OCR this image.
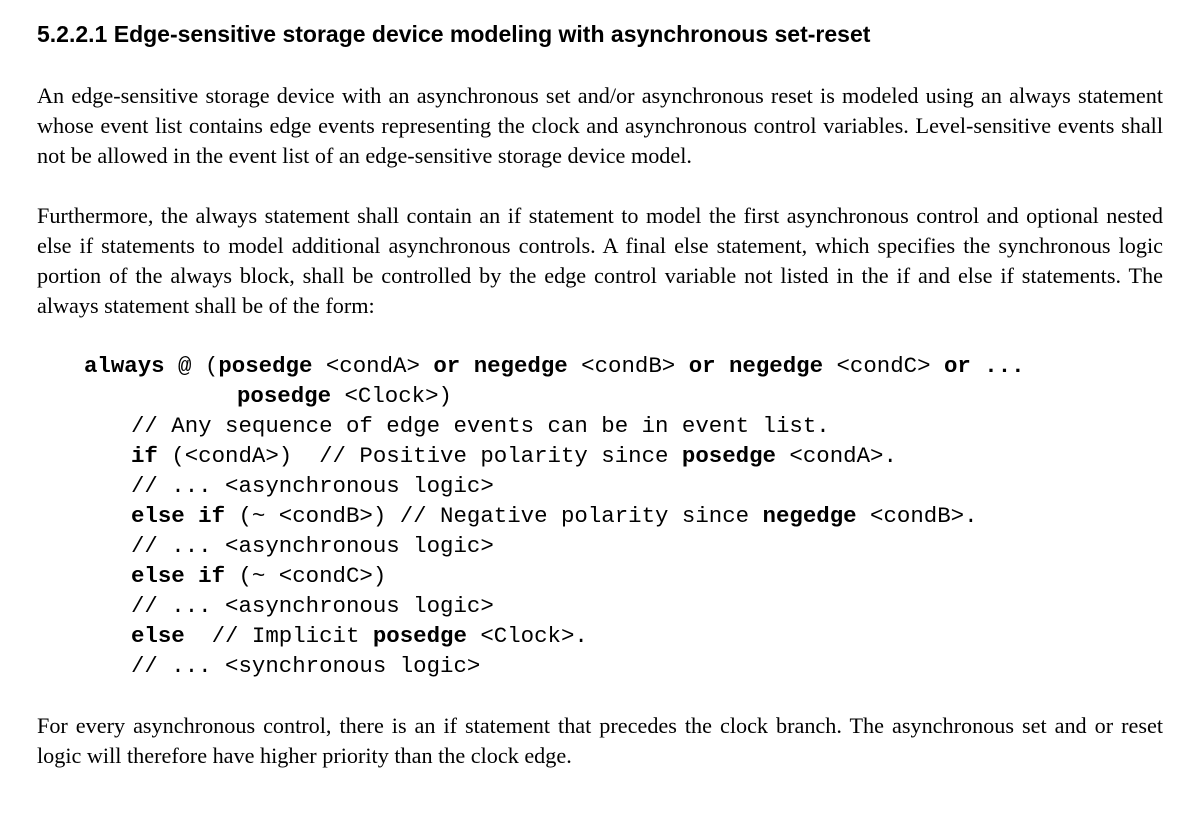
5.2.2.1 Edge-sensitive storage device modeling with asynchronous set-reset

An edge-sensitive storage device with an asynchronous set and/or asynchronous reset is modeled using an always statement whose event list contains edge events representing the clock and asynchronous control variables. Level-sensitive events shall not be allowed in the event list of an edge-sensitive storage device model.

Furthermore, the always statement shall contain an if statement to model the first asynchronous control and optional nested else if statements to model additional asynchronous controls. A final else statement, which specifies the synchronous logic portion of the always block, shall be controlled by the edge control variable not listed in the if and else if statements. The always statement shall be of the form:

always @ (posedge <condA> or negedge <condB> or negedge <condC> or ...
posedge <Clock>)
// Any sequence of edge events can be in event list.
if (<condA>)  // Positive polarity since posedge <condA>.
// ... <asynchronous logic>
else if (~ <condB>) // Negative polarity since negedge <condB>.
// ... <asynchronous logic>
else if (~ <condC>)
// ... <asynchronous logic>
else  // Implicit posedge <Clock>.
// ... <synchronous logic>

For every asynchronous control, there is an if statement that precedes the clock branch. The asynchronous set and or reset logic will therefore have higher priority than the clock edge.
